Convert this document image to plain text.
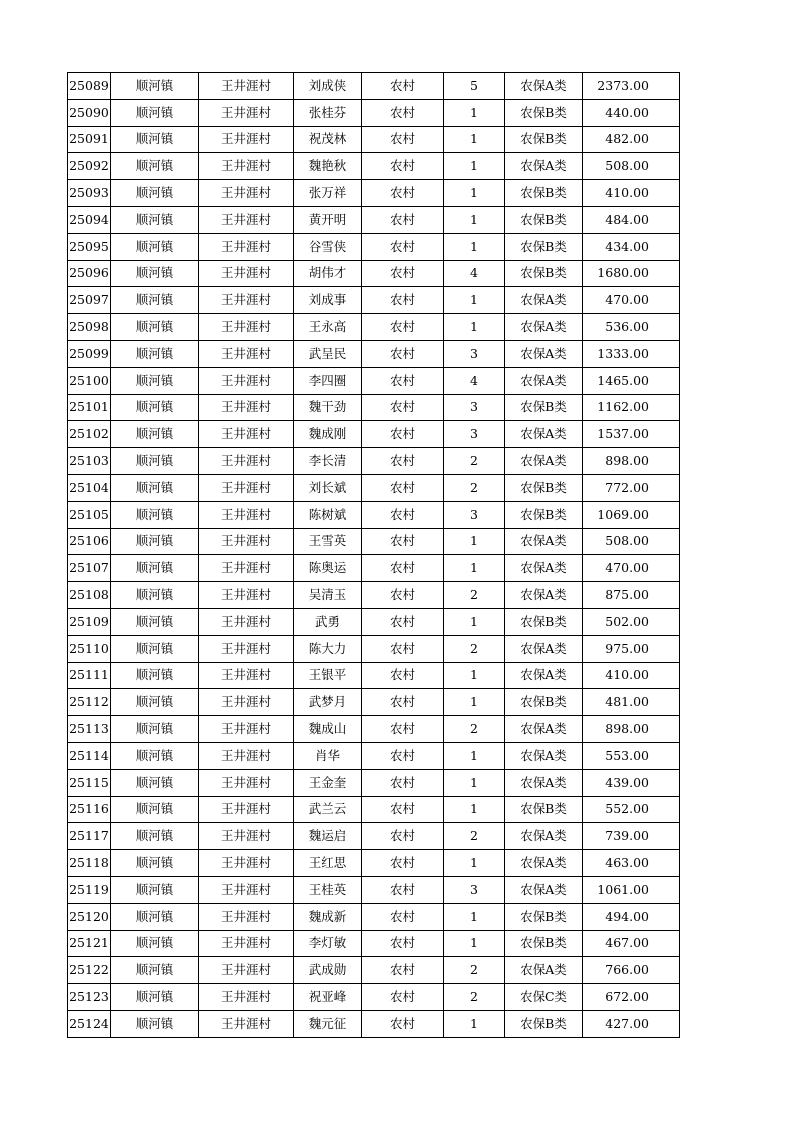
25089	顺河镇	王井涯村	刘成侠	农村	5	农保A类	2373.00
25090	顺河镇	王井涯村	张桂芬	农村	1	农保B类	440.00
25091	顺河镇	王井涯村	祝茂林	农村	1	农保B类	482.00
25092	顺河镇	王井涯村	魏艳秋	农村	1	农保A类	508.00
25093	顺河镇	王井涯村	张万祥	农村	1	农保B类	410.00
25094	顺河镇	王井涯村	黄开明	农村	1	农保B类	484.00
25095	顺河镇	王井涯村	谷雪侠	农村	1	农保B类	434.00
25096	顺河镇	王井涯村	胡伟才	农村	4	农保B类	1680.00
25097	顺河镇	王井涯村	刘成事	农村	1	农保A类	470.00
25098	顺河镇	王井涯村	王永高	农村	1	农保A类	536.00
25099	顺河镇	王井涯村	武呈民	农村	3	农保A类	1333.00
25100	顺河镇	王井涯村	李四圈	农村	4	农保A类	1465.00
25101	顺河镇	王井涯村	魏干劲	农村	3	农保B类	1162.00
25102	顺河镇	王井涯村	魏成刚	农村	3	农保A类	1537.00
25103	顺河镇	王井涯村	李长清	农村	2	农保A类	898.00
25104	顺河镇	王井涯村	刘长斌	农村	2	农保B类	772.00
25105	顺河镇	王井涯村	陈树斌	农村	3	农保B类	1069.00
25106	顺河镇	王井涯村	王雪英	农村	1	农保A类	508.00
25107	顺河镇	王井涯村	陈奥运	农村	1	农保A类	470.00
25108	顺河镇	王井涯村	吴清玉	农村	2	农保A类	875.00
25109	顺河镇	王井涯村	武勇	农村	1	农保B类	502.00
25110	顺河镇	王井涯村	陈大力	农村	2	农保A类	975.00
25111	顺河镇	王井涯村	王银平	农村	1	农保A类	410.00
25112	顺河镇	王井涯村	武梦月	农村	1	农保B类	481.00
25113	顺河镇	王井涯村	魏成山	农村	2	农保A类	898.00
25114	顺河镇	王井涯村	肖华	农村	1	农保A类	553.00
25115	顺河镇	王井涯村	王金奎	农村	1	农保A类	439.00
25116	顺河镇	王井涯村	武兰云	农村	1	农保B类	552.00
25117	顺河镇	王井涯村	魏运启	农村	2	农保A类	739.00
25118	顺河镇	王井涯村	王红思	农村	1	农保A类	463.00
25119	顺河镇	王井涯村	王桂英	农村	3	农保A类	1061.00
25120	顺河镇	王井涯村	魏成新	农村	1	农保B类	494.00
25121	顺河镇	王井涯村	李灯敏	农村	1	农保B类	467.00
25122	顺河镇	王井涯村	武成勋	农村	2	农保A类	766.00
25123	顺河镇	王井涯村	祝亚峰	农村	2	农保C类	672.00
25124	顺河镇	王井涯村	魏元征	农村	1	农保B类	427.00
